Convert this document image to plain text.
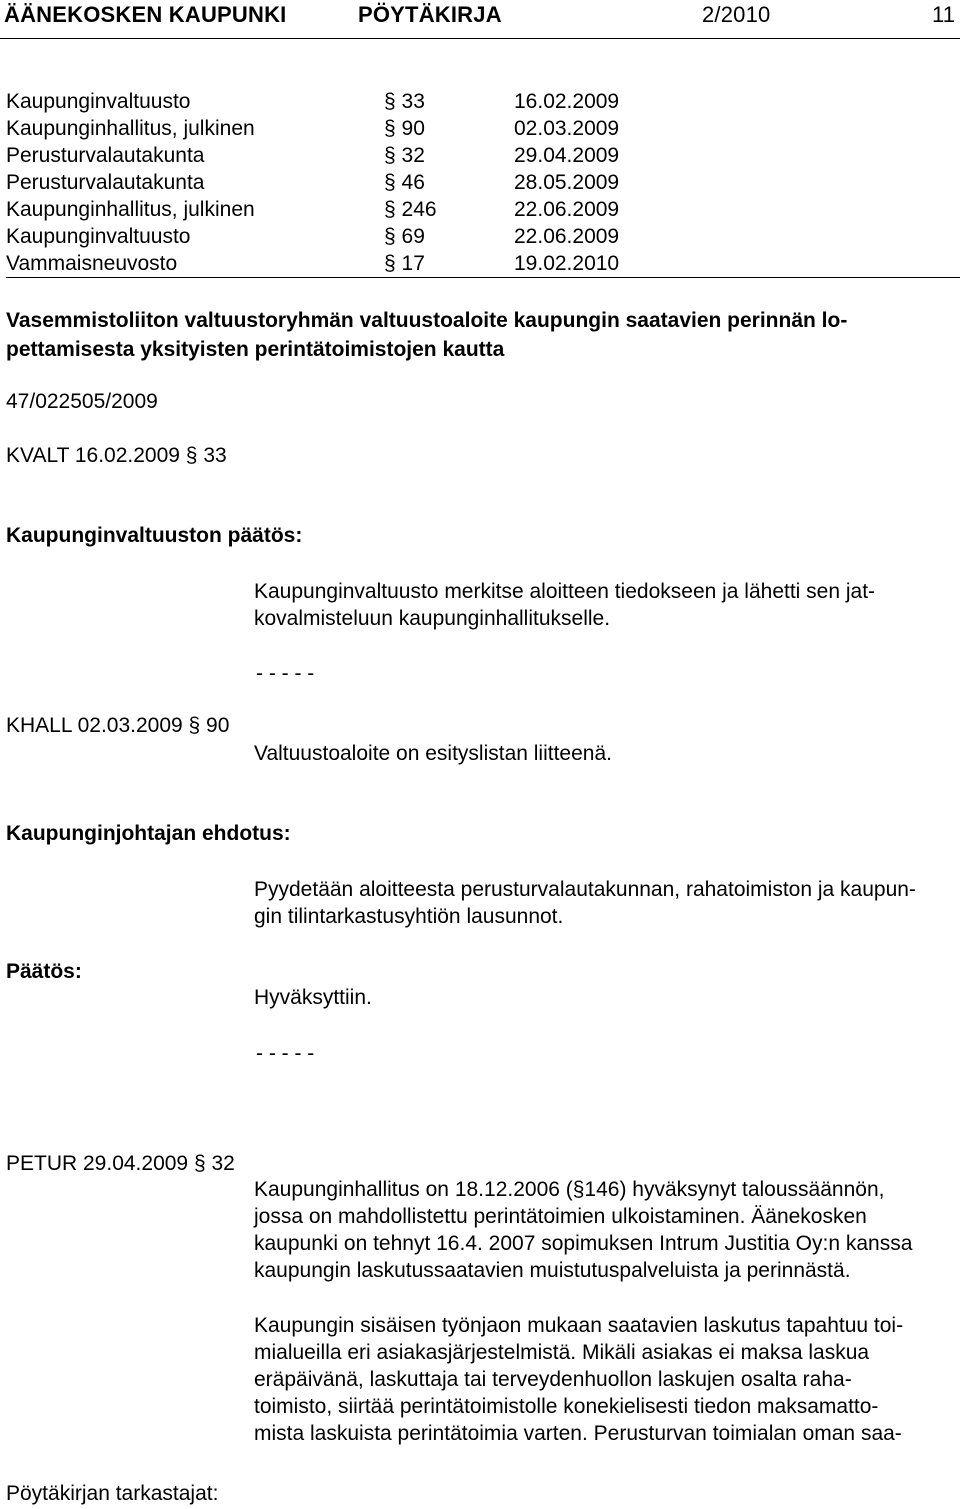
ÄÄNEKOSKEN KAUPUNKI	PÖYTÄKIRJA	2/2010	11
Kaupunginvaltuusto	§ 33	16.02.2009
Kaupunginhallitus, julkinen	§ 90	02.03.2009
Perusturvalautakunta	§ 32	29.04.2009
Perusturvalautakunta	§ 46	28.05.2009
Kaupunginhallitus, julkinen	§ 246	22.06.2009
Kaupunginvaltuusto	§ 69	22.06.2009
Vammaisneuvosto	§ 17	19.02.2010
Vasemmistoliiton valtuustoryhmän valtuustoaloite kaupungin saatavien perinnän lo-
pettamisesta yksityisten perintätoimistojen kautta
47/022505/2009
KVALT 16.02.2009 § 33
Kaupunginvaltuuston päätös:
Kaupunginvaltuusto merkitse aloitteen tiedokseen ja lähetti sen jat-
kovalmisteluun kaupunginhallitukselle.
- - - - -
KHALL 02.03.2009 § 90
Valtuustoaloite on esityslistan liitteenä.
Kaupunginjohtajan ehdotus:
Pyydetään aloitteesta perusturvalautakunnan, rahatoimiston ja kaupun-
gin tilintarkastusyhtiön lausunnot.
Päätös:
Hyväksyttiin.
- - - - -
PETUR 29.04.2009 § 32
Kaupunginhallitus on 18.12.2006 (§146) hyväksynyt taloussäännön,
jossa on mahdollistettu perintätoimien ulkoistaminen. Äänekosken
kaupunki on tehnyt 16.4. 2007 sopimuksen Intrum Justitia Oy:n kanssa
kaupungin laskutussaatavien muistutuspalveluista ja perinnästä.
Kaupungin sisäisen työnjaon mukaan saatavien laskutus tapahtuu toi-
mialueilla eri asiakasjärjestelmistä. Mikäli asiakas ei maksa laskua
eräpäivänä, laskuttaja tai terveydenhuollon laskujen osalta raha-
toimisto, siirtää perintätoimistolle konekielisesti tiedon maksamatto-
mista laskuista perintätoimia varten. Perusturvan toimialan oman saa-
Pöytäkirjan tarkastajat:
